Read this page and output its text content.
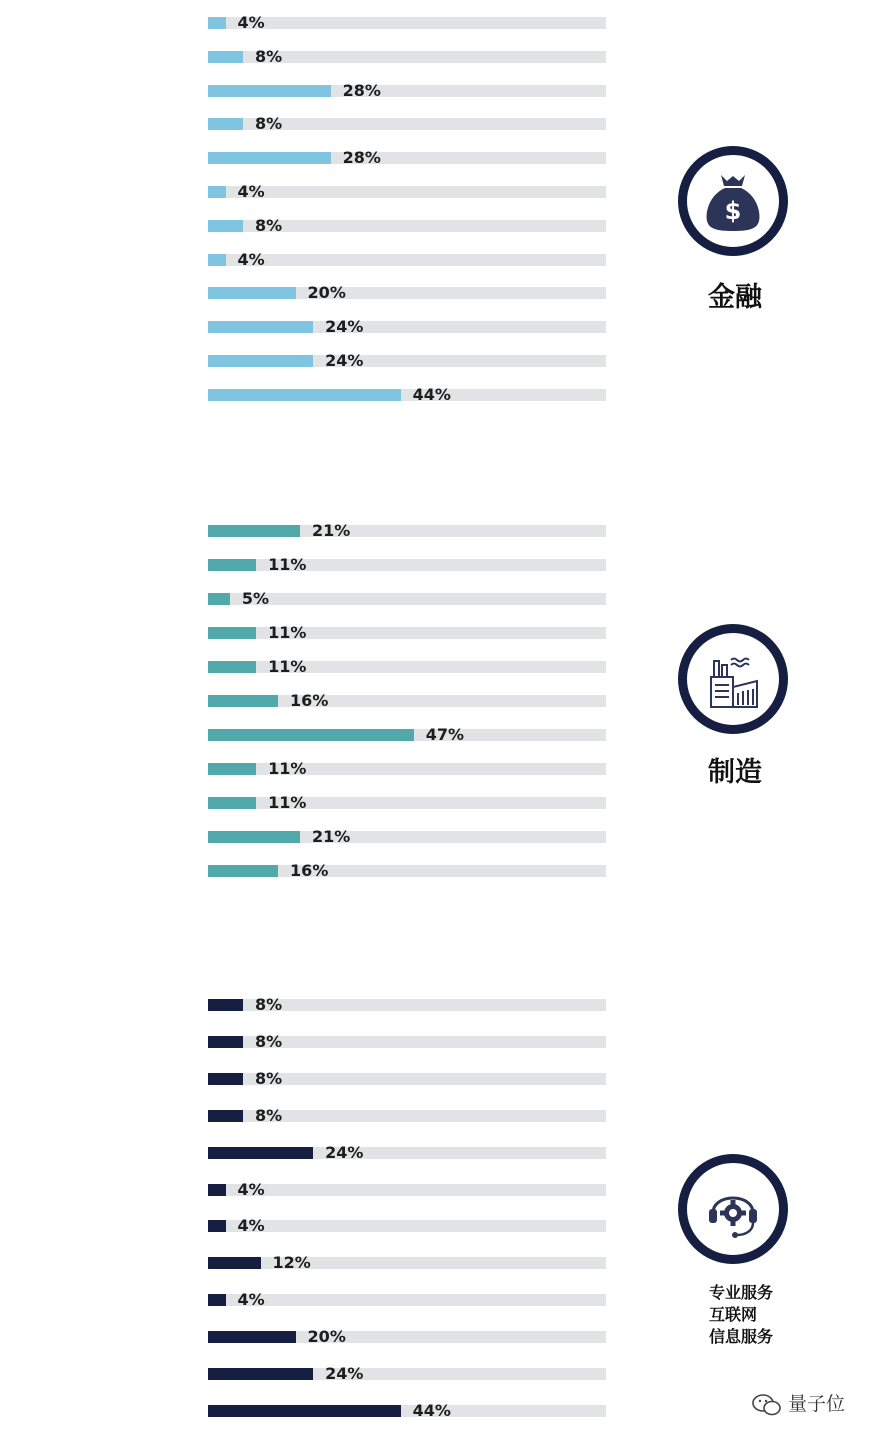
4%
8%
28%
8%
28%
4%
8%
4%
20%
24%
24%
44%
21%
11%
5%
11%
11%
16%
47%
11%
11%
21%
16%
8%
8%
8%
8%
24%
4%
4%
12%
4%
20%
24%
44%
$
金融
制造
专业服务
互联网
信息服务
量子位
